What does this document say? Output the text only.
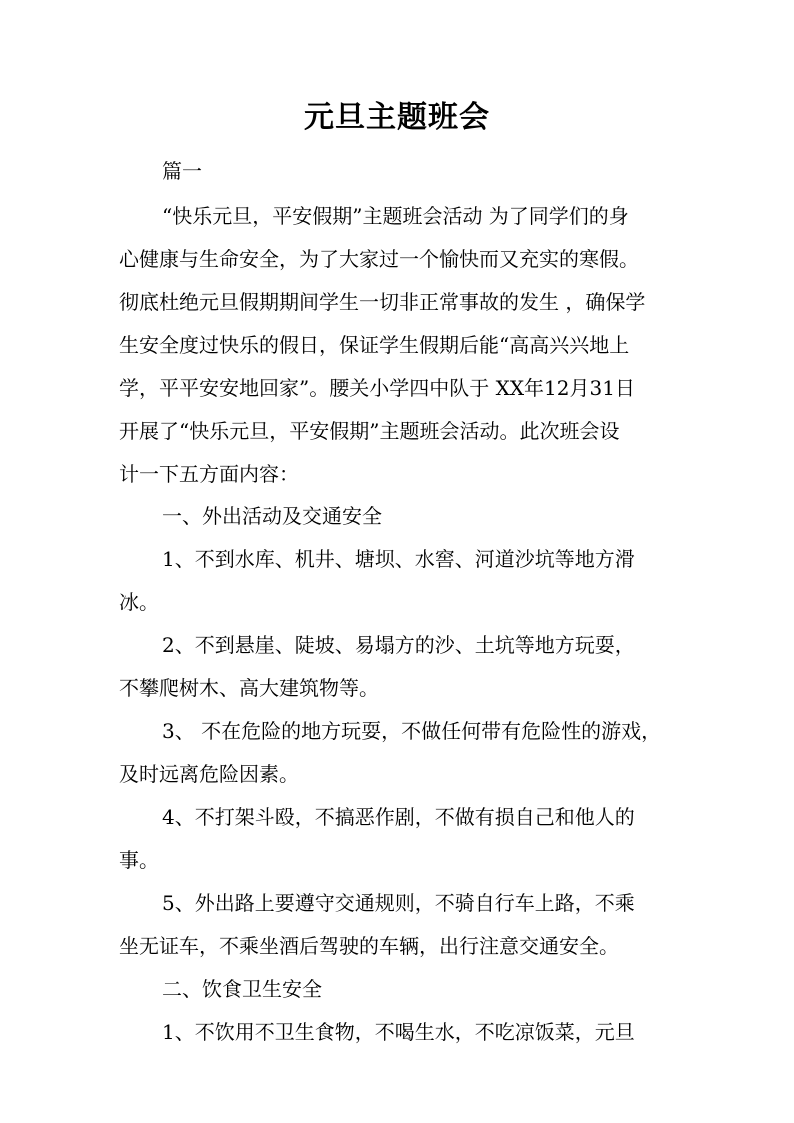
元旦主题班会
篇一
“快乐元旦，平安假期”主题班会活动 为了同学们的身
心健康与生命安全，为了大家过一个愉快而又充实的寒假。
彻底杜绝元旦假期期间学生一切非正常事故的发生 ，确保学
生安全度过快乐的假日，保证学生假期后能“高高兴兴地上
学，平平安安地回家”。腰关小学四中队于 XX年12月31日
开展了“快乐元旦，平安假期”主题班会活动。此次班会设
计一下五方面内容：
一、外出活动及交通安全
1、不到水库、机井、塘坝、水窖、河道沙坑等地方滑
冰。
2、不到悬崖、陡坡、易塌方的沙、土坑等地方玩耍，
不攀爬树木、高大建筑物等。
3、 不在危险的地方玩耍，不做任何带有危险性的游戏，
及时远离危险因素。
4、不打架斗殴，不搞恶作剧，不做有损自己和他人的
事。
5、外出路上要遵守交通规则，不骑自行车上路，不乘
坐无证车，不乘坐酒后驾驶的车辆，出行注意交通安全。
二、饮食卫生安全
1、不饮用不卫生食物，不喝生水，不吃凉饭菜，元旦
